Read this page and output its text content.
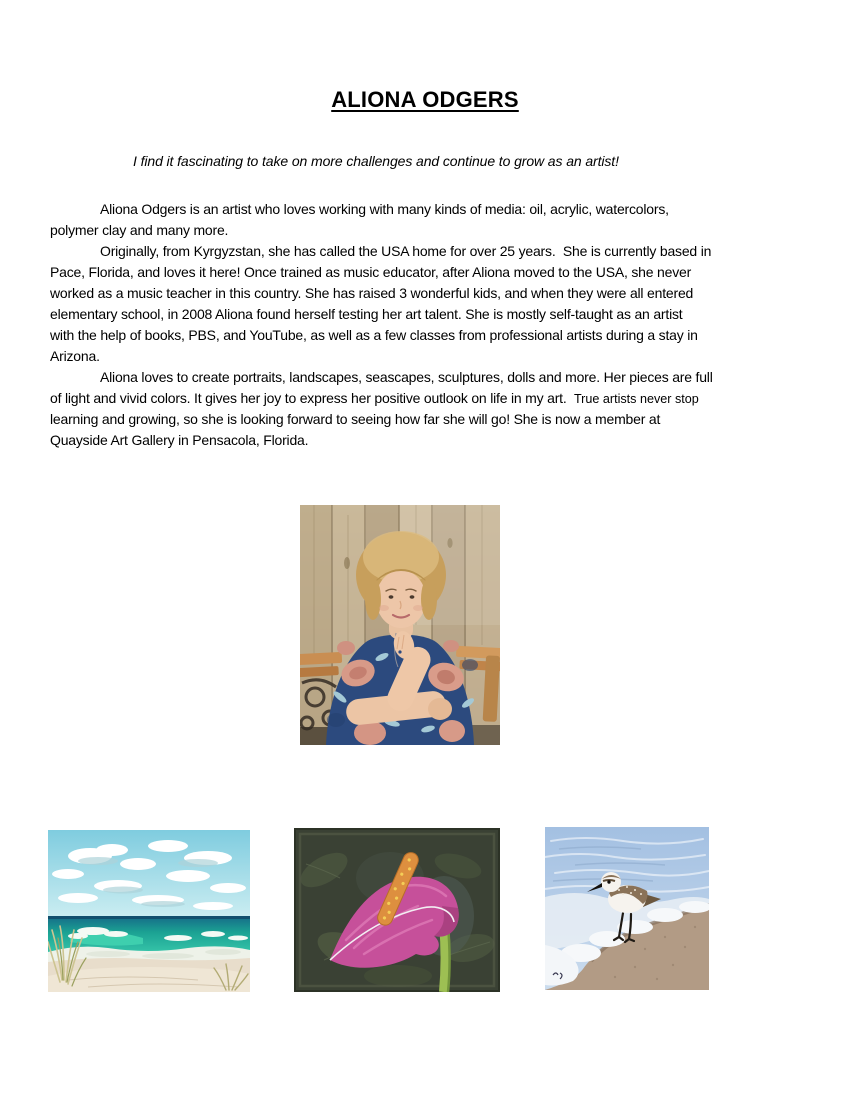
ALIONA ODGERS
I find it fascinating to take on more challenges and continue to grow as an artist!
Aliona Odgers is an artist who loves working with many kinds of media: oil, acrylic, watercolors,
polymer clay and many more.
Originally, from Kyrgyzstan, she has called the USA home for over 25 years.  She is currently based in
Pace, Florida, and loves it here! Once trained as music educator, after Aliona moved to the USA, she never
worked as a music teacher in this country. She has raised 3 wonderful kids, and when they were all entered
elementary school, in 2008 Aliona found herself testing her art talent. She is mostly self-taught as an artist
with the help of books, PBS, and YouTube, as well as a few classes from professional artists during a stay in
Arizona.
Aliona loves to create portraits, landscapes, seascapes, sculptures, dolls and more. Her pieces are full
of light and vivid colors. It gives her joy to express her positive outlook on life in my art.  True artists never stop
learning and growing, so she is looking forward to seeing how far she will go! She is now a member at
Quayside Art Gallery in Pensacola, Florida.
